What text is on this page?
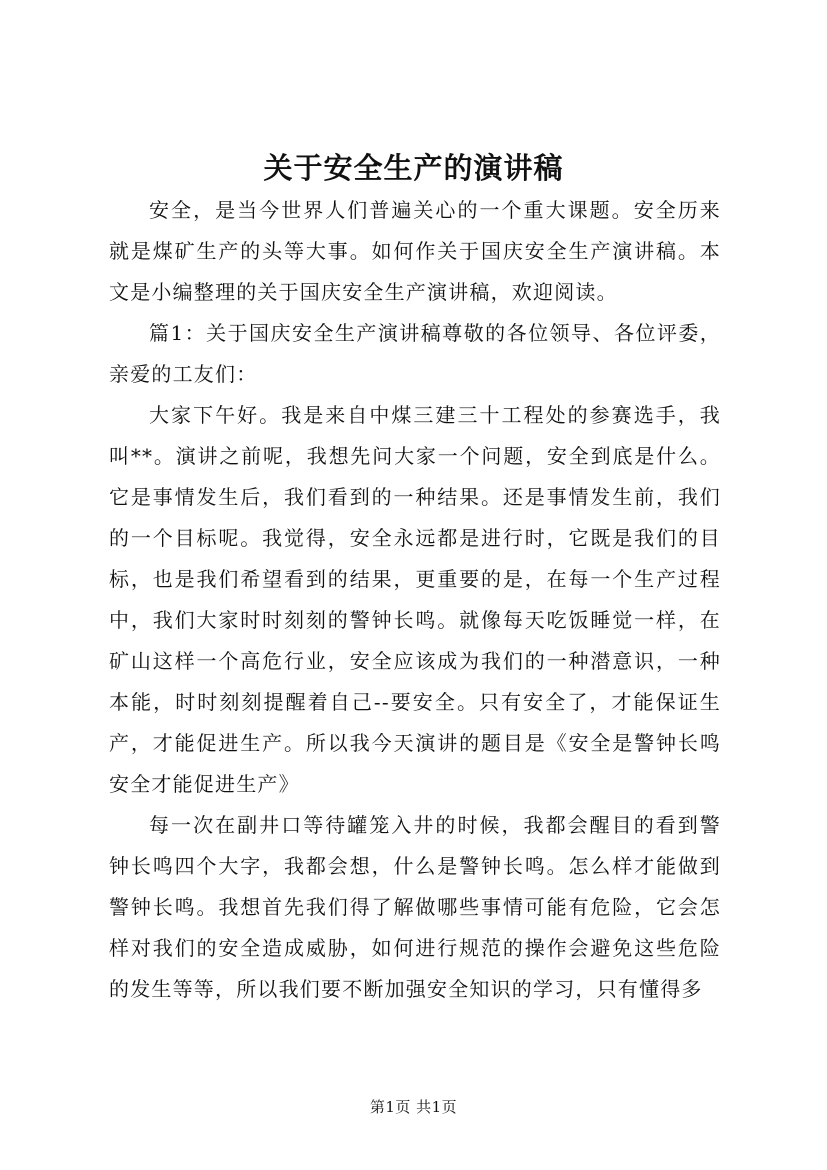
关于安全生产的演讲稿

安全，是当今世界人们普遍关心的一个重大课题。安全历来就是煤矿生产的头等大事。如何作关于国庆安全生产演讲稿。本文是小编整理的关于国庆安全生产演讲稿，欢迎阅读。

篇1：关于国庆安全生产演讲稿尊敬的各位领导、各位评委，亲爱的工友们：

大家下午好。我是来自中煤三建三十工程处的参赛选手，我叫**。演讲之前呢，我想先问大家一个问题，安全到底是什么。它是事情发生后，我们看到的一种结果。还是事情发生前，我们的一个目标呢。我觉得，安全永远都是进行时，它既是我们的目标，也是我们希望看到的结果，更重要的是，在每一个生产过程中，我们大家时时刻刻的警钟长鸣。就像每天吃饭睡觉一样，在矿山这样一个高危行业，安全应该成为我们的一种潜意识，一种本能，时时刻刻提醒着自己--要安全。只有安全了，才能保证生产，才能促进生产。所以我今天演讲的题目是《安全是警钟长鸣安全才能促进生产》

每一次在副井口等待罐笼入井的时候，我都会醒目的看到警钟长鸣四个大字，我都会想，什么是警钟长鸣。怎么样才能做到警钟长鸣。我想首先我们得了解做哪些事情可能有危险，它会怎样对我们的安全造成威胁，如何进行规范的操作会避免这些危险的发生等等，所以我们要不断加强安全知识的学习，只有懂得多

第1页 共1页
